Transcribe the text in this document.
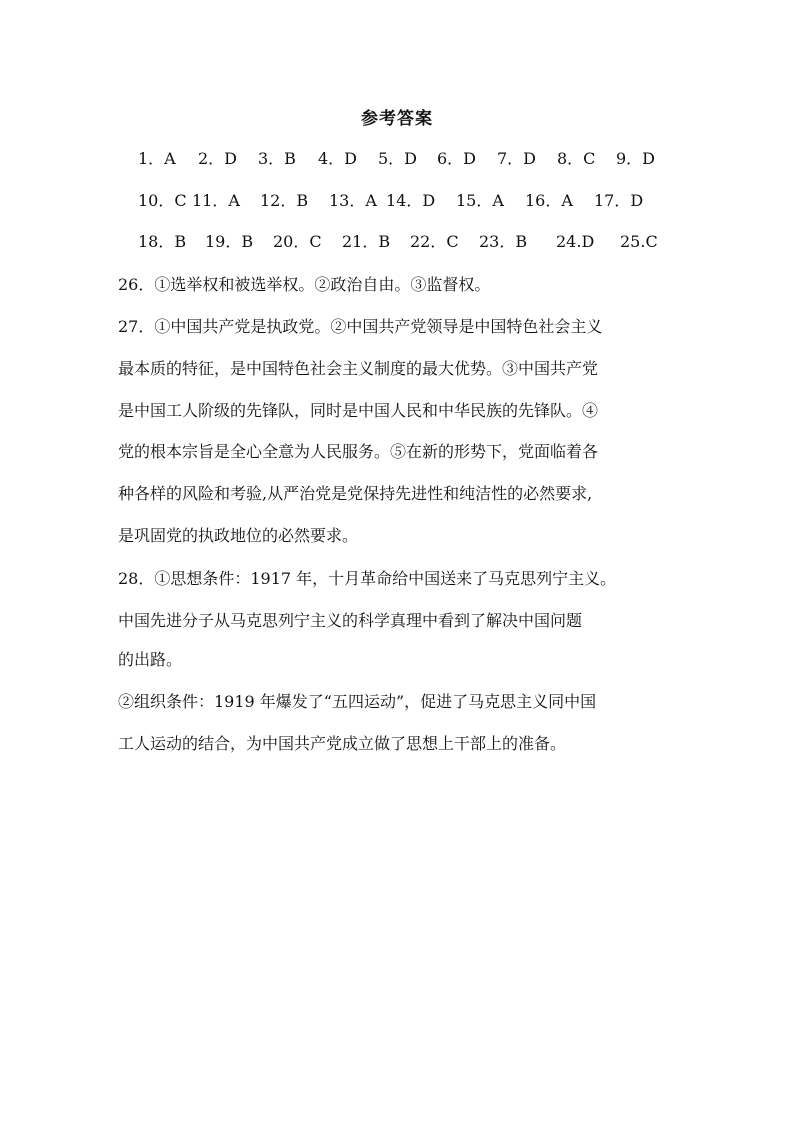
参考答案
1．A 2．D 3．B 4．D 5．D 6．D 7．D 8．C 9．D
10．C 11．A 12．B 13．A 14．D 15．A 16．A 17．D
18．B 19．B 20．C 21．B 22．C 23．B 24.D 25.C
26．①选举权和被选举权。②政治自由。③监督权。
27．①中国共产党是执政党。②中国共产党领导是中国特色社会主义
最本质的特征，是中国特色社会主义制度的最大优势。③中国共产党
是中国工人阶级的先锋队，同时是中国人民和中华民族的先锋队。④
党的根本宗旨是全心全意为人民服务。⑤在新的形势下，党面临着各
种各样的风险和考验,从严治党是党保持先进性和纯洁性的必然要求,
是巩固党的执政地位的必然要求。
28．①思想条件：1917 年，十月革命给中国送来了马克思列宁主义。
中国先进分子从马克思列宁主义的科学真理中看到了解决中国问题
的出路。
②组织条件：1919 年爆发了“五四运动”，促进了马克思主义同中国
工人运动的结合，为中国共产党成立做了思想上干部上的准备。
